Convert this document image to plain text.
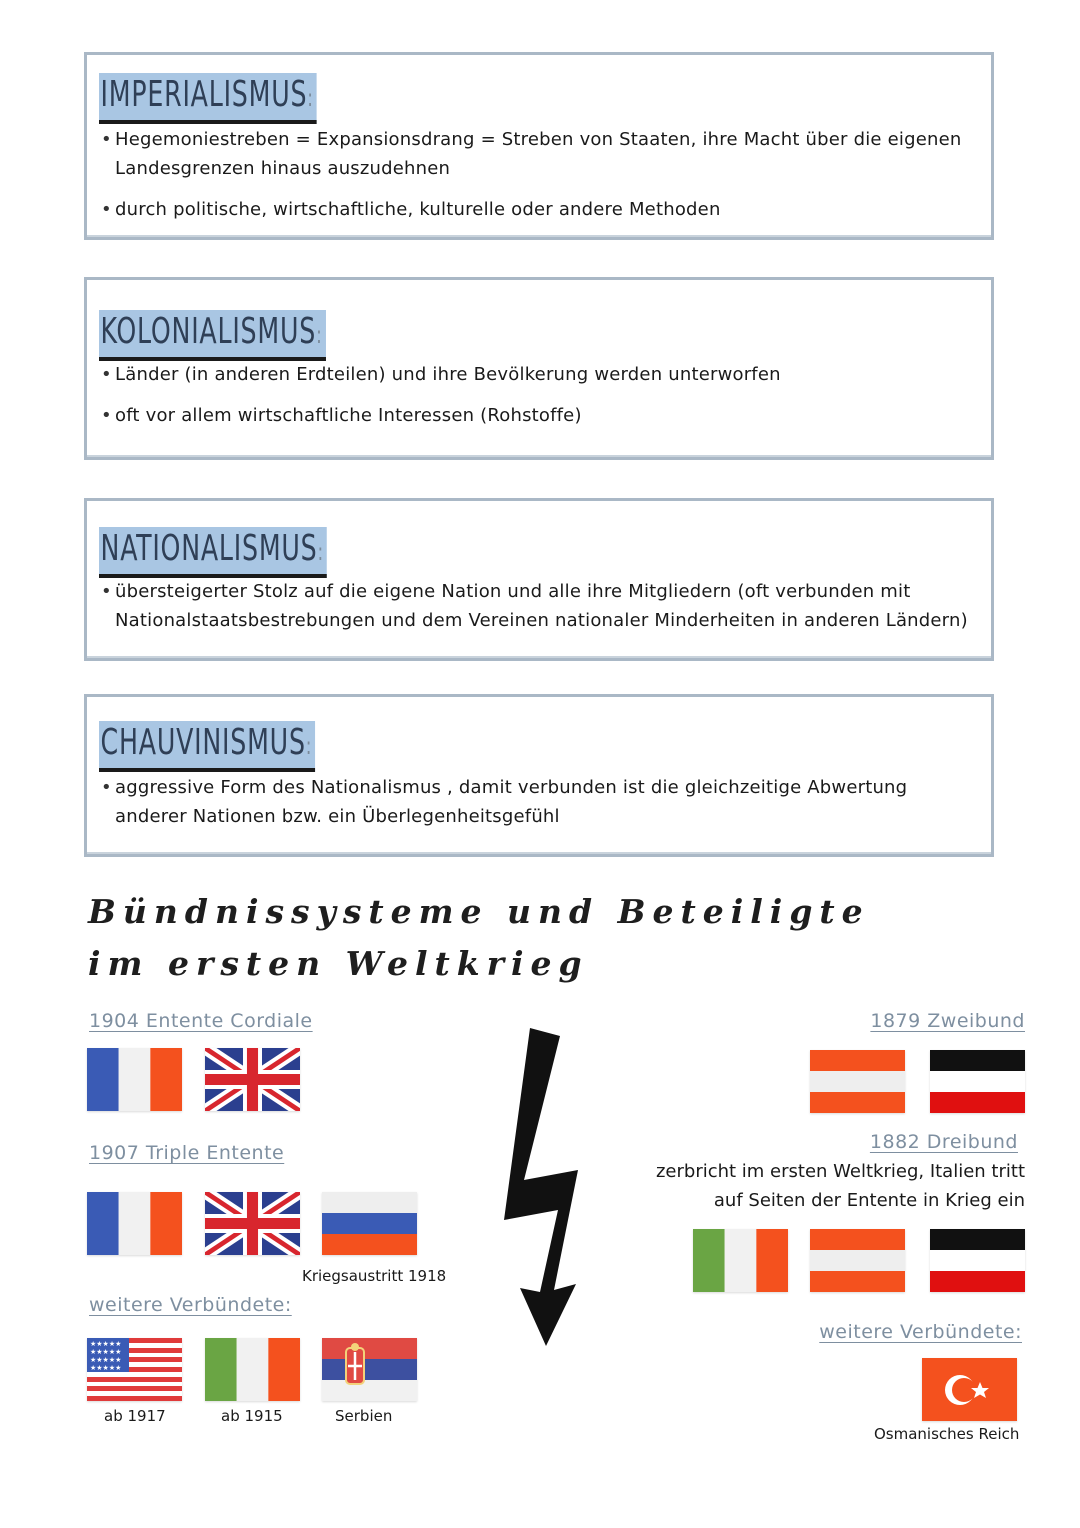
IMPERIALISMUS:
• Hegemoniestreben = Expansionsdrang = Streben von Staaten, ihre Macht über die eigenen Landesgrenzen hinaus auszudehnen
• durch politische, wirtschaftliche, kulturelle oder andere Methoden
KOLONIALISMUS:
• Länder (in anderen Erdteilen) und ihre Bevölkerung werden unterworfen
• oft vor allem wirtschaftliche Interessen (Rohstoffe)
NATIONALISMUS:
• übersteigerter Stolz auf die eigene Nation und alle ihre Mitgliedern (oft verbunden mit Nationalstaatsbestrebungen und dem Vereinen nationaler Minderheiten in anderen Ländern)
CHAUVINISMUS:
• aggressive Form des Nationalismus , damit verbunden ist die gleichzeitige Abwertung anderer Nationen bzw. ein Überlegenheitsgefühl
Bündnissysteme und Beteiligte im ersten Weltkrieg
1904 Entente Cordiale
1907 Triple Entente
Kriegsaustritt 1918
weitere Verbündete:
★★★★★
★★★★★
★★★★★
★★★★★
ab 1917	ab 1915	Serbien
1879 Zweibund
1882 Dreibund
zerbricht im ersten Weltkrieg, Italien tritt
auf Seiten der Entente in Krieg ein
weitere Verbündete:
Osmanisches Reich
